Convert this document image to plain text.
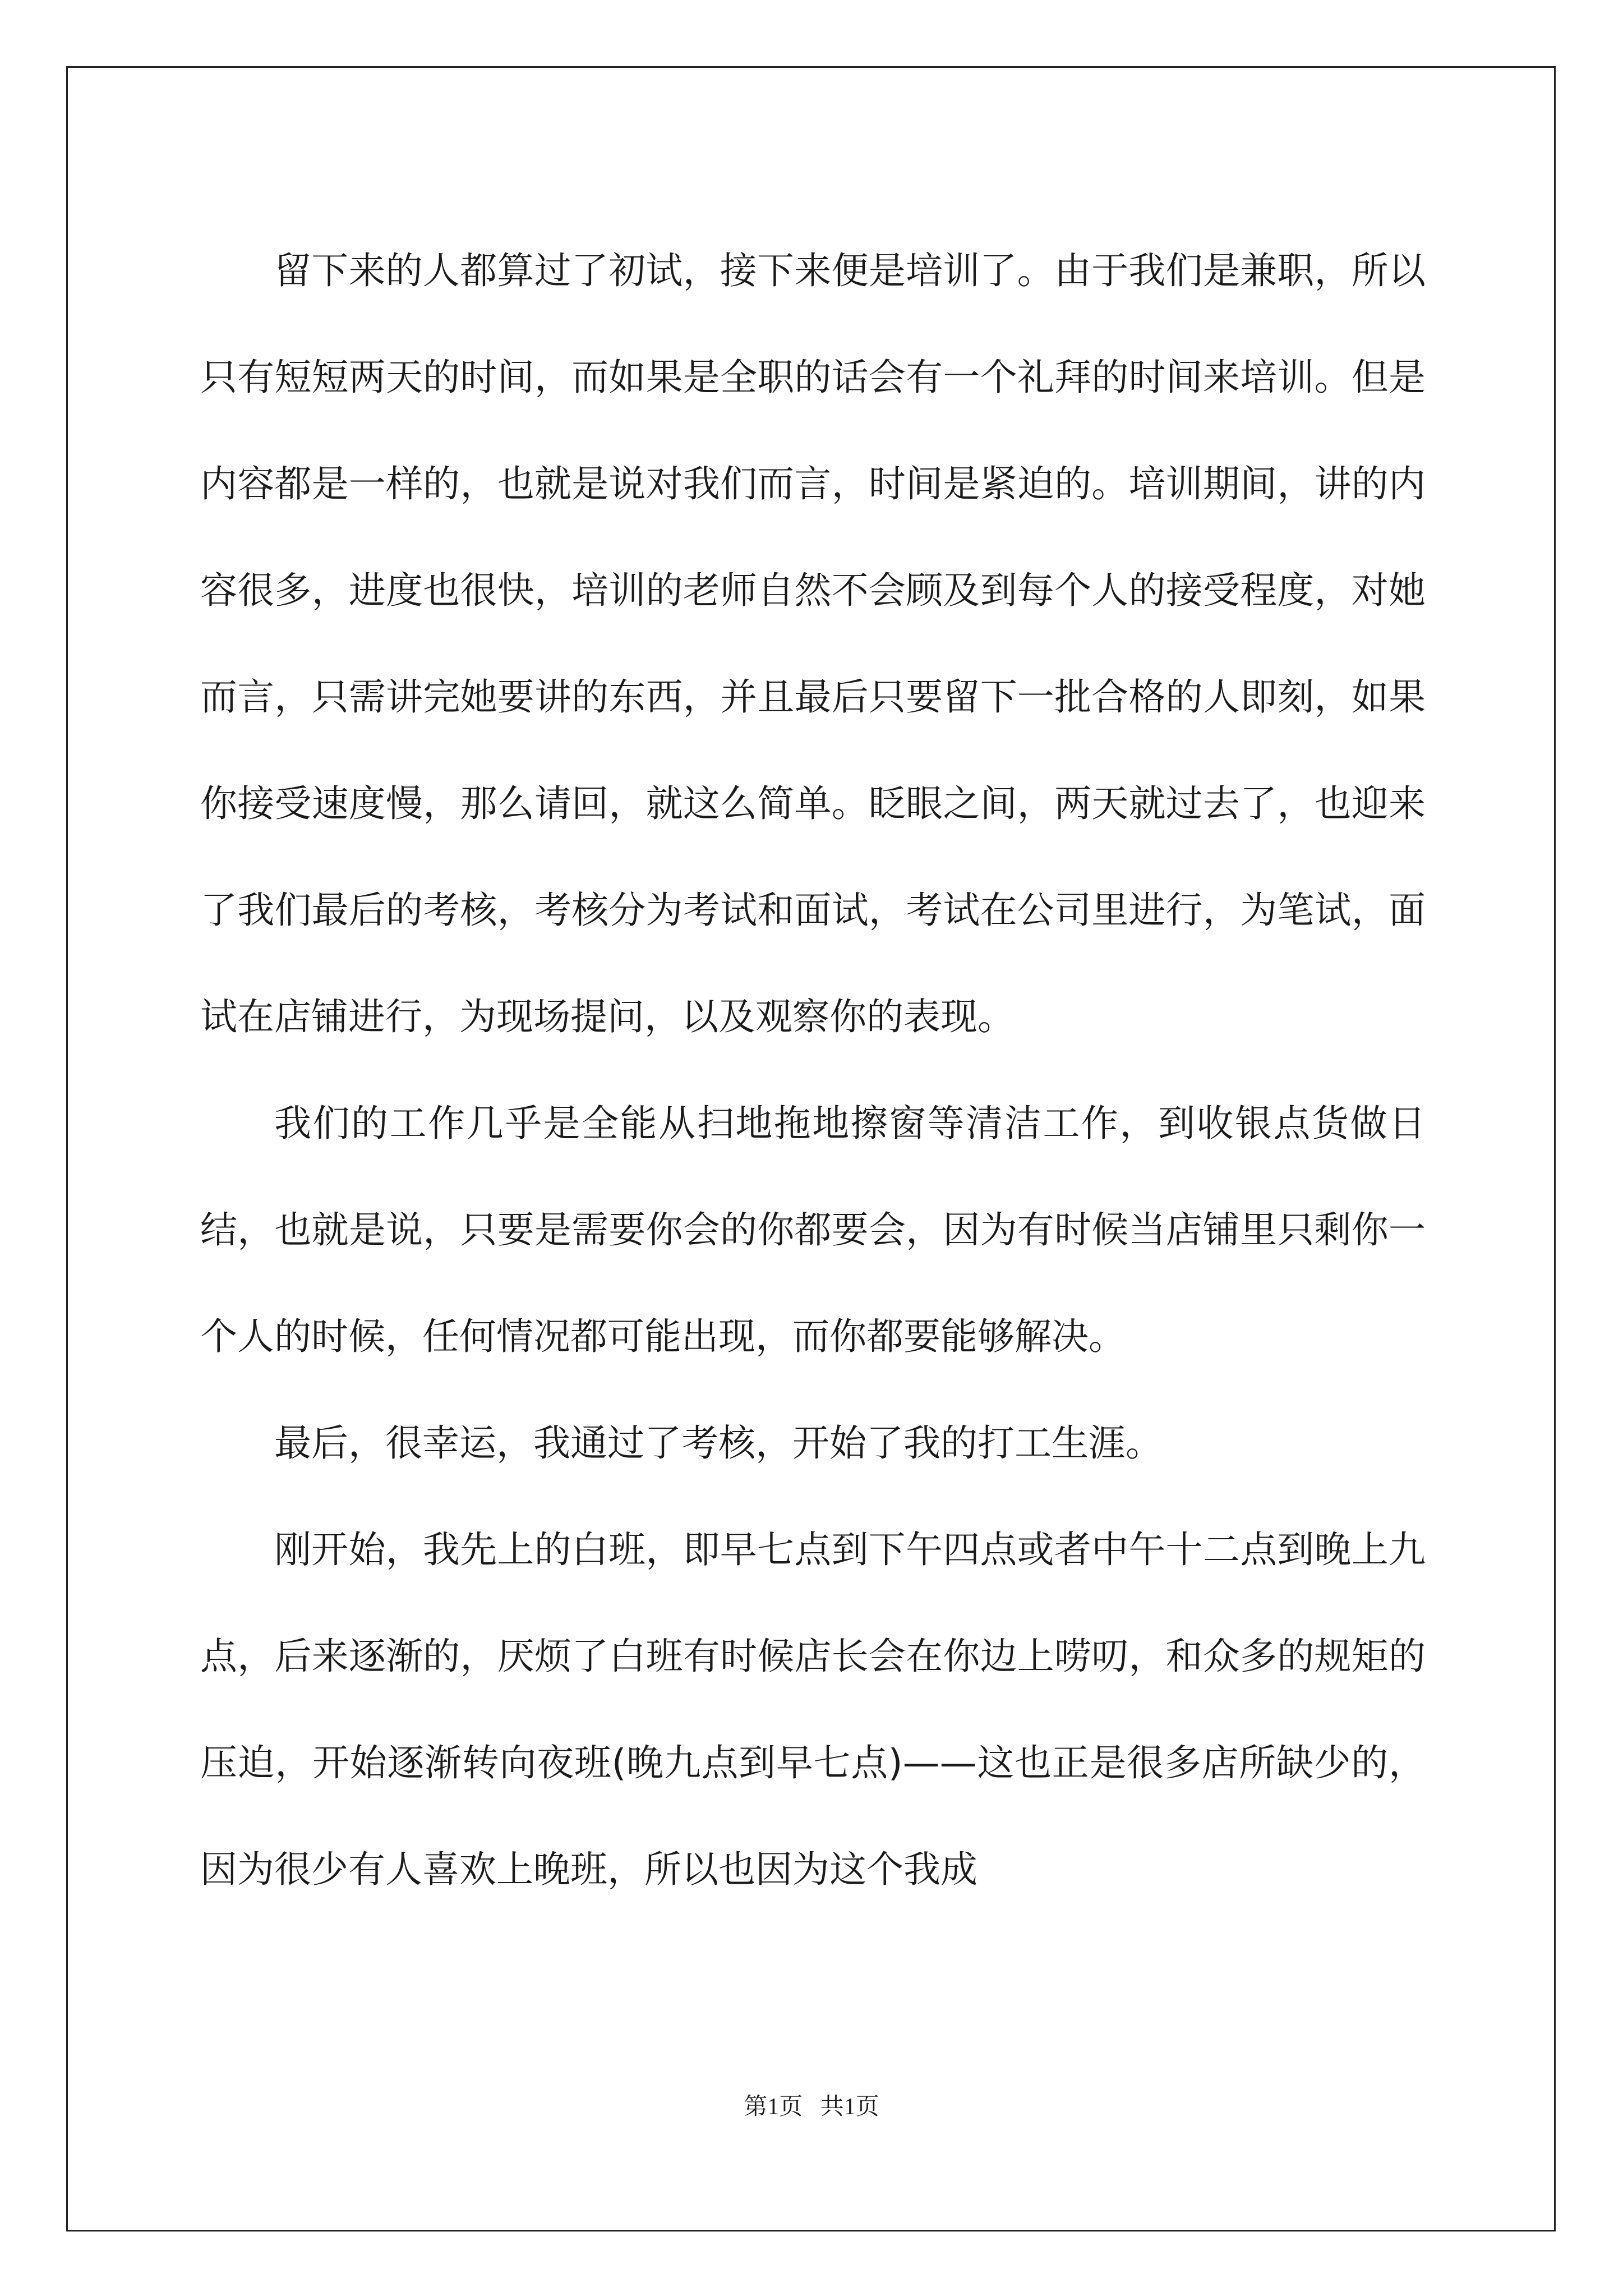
留下来的人都算过了初试，接下来便是培训了。由于我们是兼职，所以只有短短两天的时间，而如果是全职的话会有一个礼拜的时间来培训。但是内容都是一样的，也就是说对我们而言，时间是紧迫的。培训期间，讲的内容很多，进度也很快，培训的老师自然不会顾及到每个人的接受程度，对她而言，只需讲完她要讲的东西，并且最后只要留下一批合格的人即刻，如果你接受速度慢，那么请回，就这么简单。眨眼之间，两天就过去了，也迎来了我们最后的考核，考核分为考试和面试，考试在公司里进行，为笔试，面试在店铺进行，为现场提问，以及观察你的表现。

我们的工作几乎是全能从扫地拖地擦窗等清洁工作，到收银点货做日结，也就是说，只要是需要你会的你都要会，因为有时候当店铺里只剩你一个人的时候，任何情况都可能出现，而你都要能够解决。

最后，很幸运，我通过了考核，开始了我的打工生涯。

刚开始，我先上的白班，即早七点到下午四点或者中午十二点到晚上九点，后来逐渐的，厌烦了白班有时候店长会在你边上唠叨，和众多的规矩的压迫，开始逐渐转向夜班(晚九点到早七点)——这也正是很多店所缺少的，因为很少有人喜欢上晚班，所以也因为这个我成

第1页   共1页
